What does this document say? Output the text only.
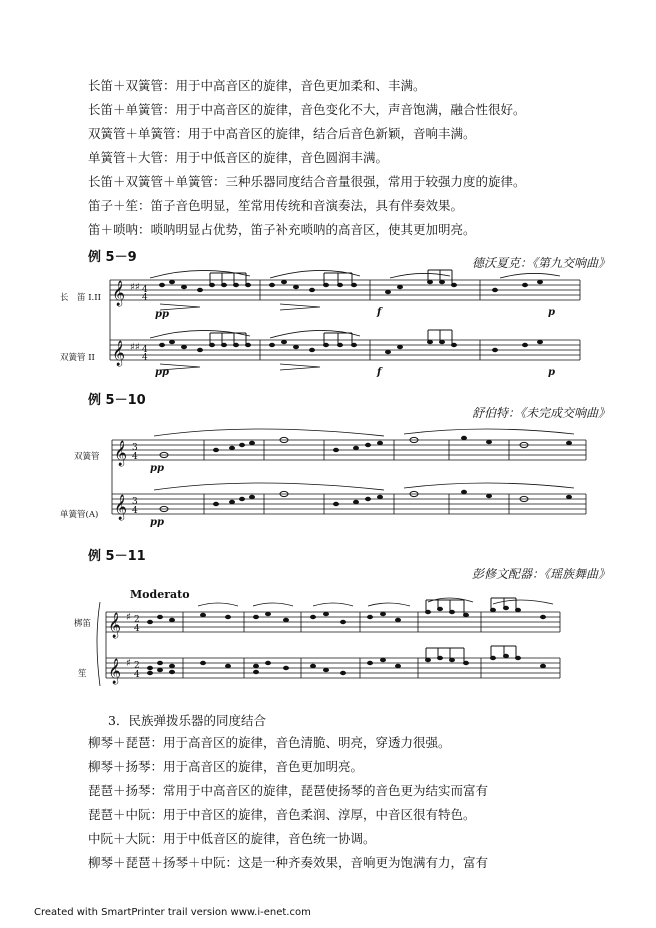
长笛＋双簧管：用于中高音区的旋律，音色更加柔和、丰满。
长笛＋单簧管：用于中高音区的旋律，音色变化不大，声音饱满，融合性很好。
双簧管＋单簧管：用于中高音区的旋律，结合后音色新颖，音响丰满。
单簧管＋大管：用于中低音区的旋律，音色圆润丰满。
长笛＋双簧管＋单簧管：三种乐器同度结合音量很强，常用于较强力度的旋律。
笛子＋笙：笛子音色明显，笙常用传统和音演奏法，具有伴奏效果。
笛＋唢呐：唢呐明显占优势，笛子补充唢呐的高音区，使其更加明亮。
例 5－9	德沃夏克：《第九交响曲》
长　笛 I.II
双簧管 II
pp	f	p
pp	f	p
𝄞
𝄞
♯♯
♯♯
4
4
4
4
例 5－10
舒伯特：《未完成交响曲》
双簧管
单簧管(A)
pp
pp
𝄞
𝄞
3
4
3
4
例 5－11
彭修文配器：《瑶族舞曲》
Moderato
梆笛
笙
𝄞
𝄞
♯
♯
2
4
2
4
3．民族弹拨乐器的同度结合
柳琴＋琵琶：用于高音区的旋律，音色清脆、明亮，穿透力很强。
柳琴＋扬琴：用于高音区的旋律，音色更加明亮。
琵琶＋扬琴：常用于中高音区的旋律，琵琶使扬琴的音色更为结实而富有
琵琶＋中阮：用于中音区的旋律，音色柔润、淳厚，中音区很有特色。
中阮＋大阮：用于中低音区的旋律，音色统一协调。
柳琴＋琵琶＋扬琴＋中阮：这是一种齐奏效果，音响更为饱满有力，富有
Created with SmartPrinter trail version www.i-enet.com
